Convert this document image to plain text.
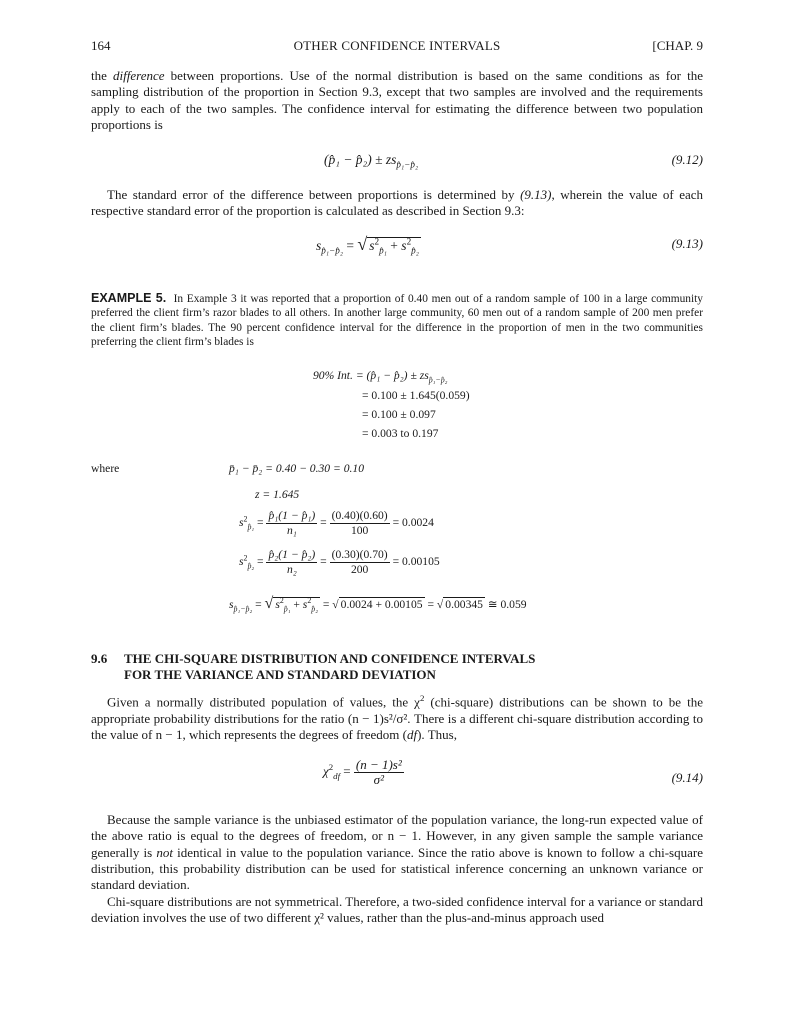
164	OTHER CONFIDENCE INTERVALS	[CHAP. 9

the difference between proportions. Use of the normal distribution is based on the same conditions as for the sampling distribution of the proportion in Section 9.3, except that two samples are involved and the requirements apply to each of the two samples. The confidence interval for estimating the difference between two population proportions is

(p̂₁ − p̂₂) ± $zs_{p̂_1-p̂_2}$	(9.12)

The standard error of the difference between proportions is determined by (9.13), wherein the value of each respective standard error of the proportion is calculated as described in Section 9.3:

$s_{p̂_1-p̂_2}$ = √ $s^2_{p̂_1} + s^2_{p̂_2}$	(9.13)
EXAMPLE 5. In Example 3 it was reported that a proportion of 0.40 men out of a random sample of 100 in a large community preferred the client firm’s razor blades to all others. In another large community, 60 men out of a random sample of 200 men prefer the client firm’s blades. The 90 percent confidence interval for the difference in the proportion of men in the two communities preferring the client firm’s blades is
90% Int. = (p̂₁ − p̂₂) ± $zs_{p̂_1-p̂_2}$
= 0.100 ± 1.645(0.059)
= 0.100 ± 0.097
= 0.003 to 0.197
where	p̄₁ − p̄₂ = 0.40 − 0.30 = 0.10
z = 1.645
$s^2_{p̂_1} = \frac{\text{p̂₁(1 − p̂₁)}}{\text{n₁}} = \frac{(0.40)(0.60)}{100} = 0.0024$
$s^2_{p̂_2} = \frac{\text{p̂₂(1 − p̂₂)}}{\text{n₂}} = \frac{(0.30)(0.70)}{200} = 0.00105$
$s_{p̂_1-p̂_2}$ = √ $s^2_{p̂_1} + s^2_{p̂_2}$ = √ 0.0024 + 0.00105 = √ 0.00345 ≅ 0.059
9.6 THE CHI-SQUARE DISTRIBUTION AND CONFIDENCE INTERVALS
FOR THE VARIANCE AND STANDARD DEVIATION

Given a normally distributed population of values, the $\chi^2$ (chi-square) distributions can be shown to be the appropriate probability distributions for the ratio (n − 1)s²/σ². There is a different chi-square distribution according to the value of n − 1, which represents the degrees of freedom (df). Thus,

$\chi^2_{df} = \frac{\text{(n − 1)s²}}{\text{σ²}}$	(9.14)

Because the sample variance is the unbiased estimator of the population variance, the long-run expected value of the above ratio is equal to the degrees of freedom, or n − 1. However, in any given sample the sample variance generally is not identical in value to the population variance. Since the ratio above is known to follow a chi-square distribution, this probability distribution can be used for statistical inference concerning an unknown variance or standard deviation.

Chi-square distributions are not symmetrical. Therefore, a two-sided confidence interval for a variance or standard deviation involves the use of two different χ² values, rather than the plus-and-minus approach used
